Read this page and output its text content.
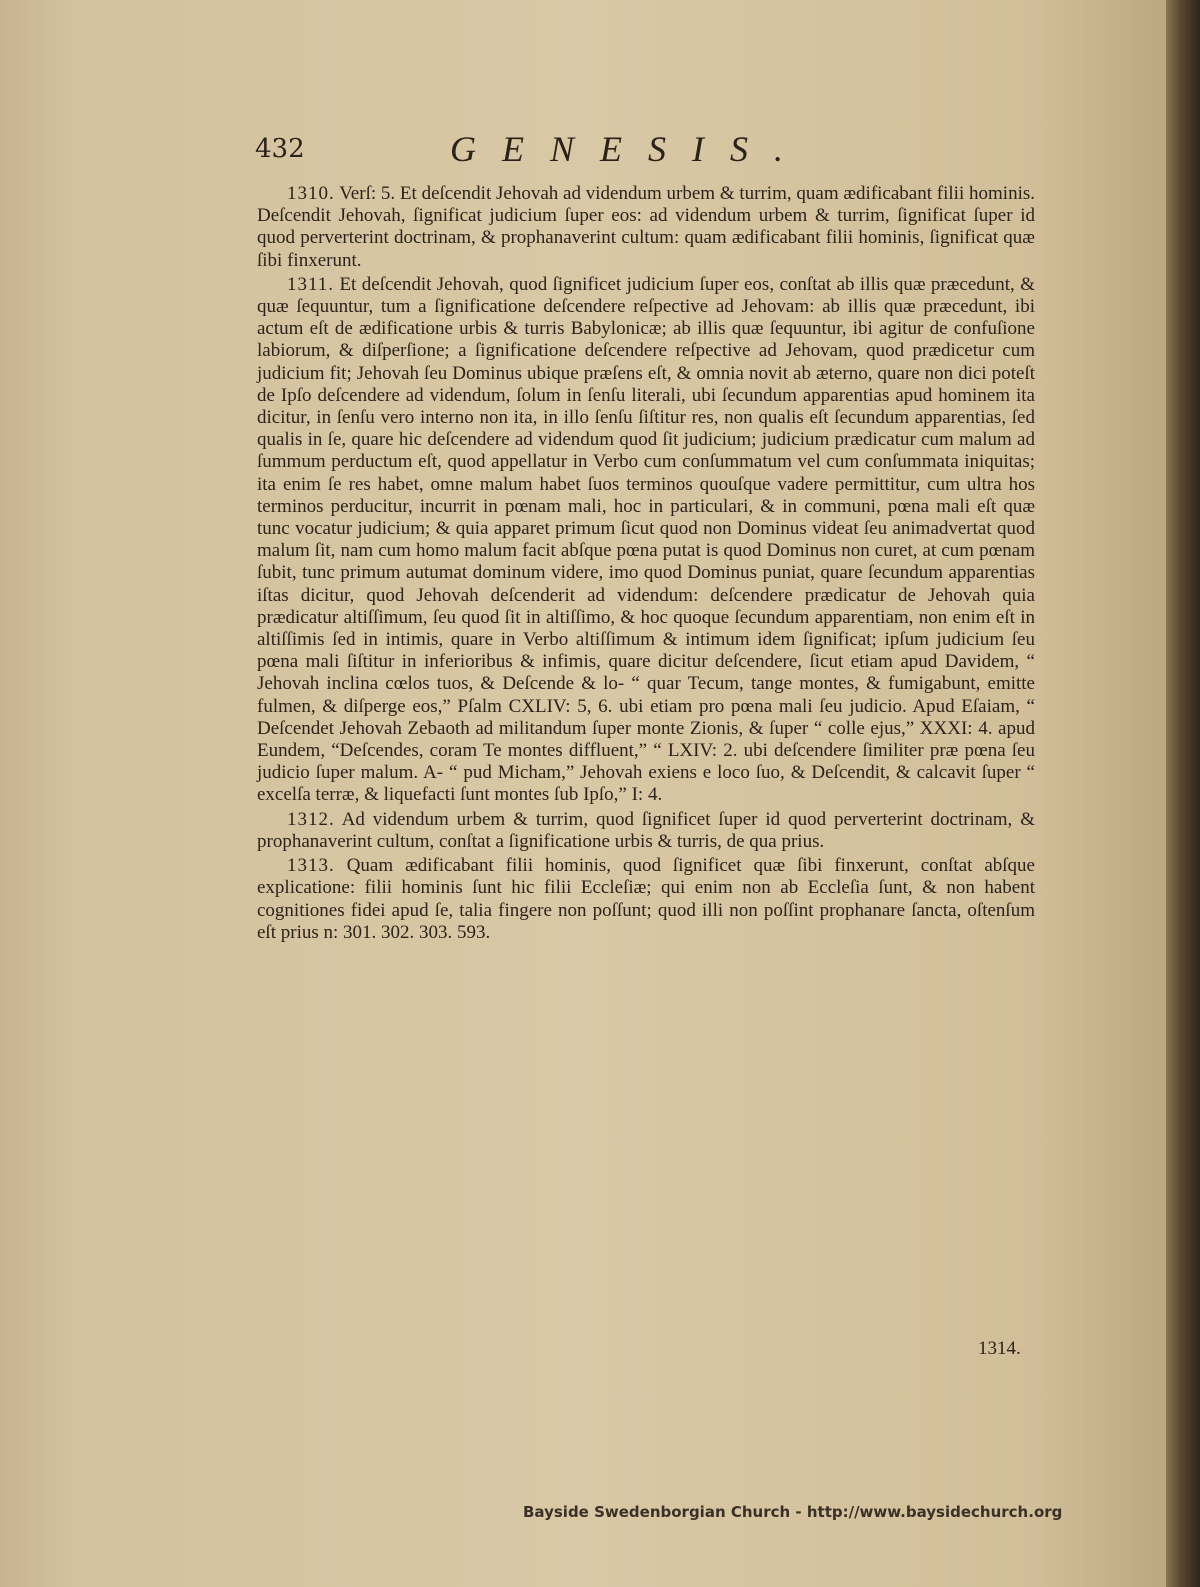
432	GENESIS.

1310. Verſ: 5. Et deſcendit Jehovah ad videndum urbem & turrim, quam ædificabant filii hominis. Deſcendit Jehovah, ſignificat judicium ſuper eos: ad videndum urbem & turrim, ſignificat ſuper id quod perverterint doctrinam, & prophanaverint cultum: quam ædificabant filii hominis, ſignificat quæ ſibi finxerunt.

1311. Et deſcendit Jehovah, quod ſignificet judicium ſuper eos, conſtat ab illis quæ præcedunt, & quæ ſequuntur, tum a ſignificatione deſcendere reſpective ad Jehovam: ab illis quæ præcedunt, ibi actum eſt de ædificatione urbis & turris Babylonicæ; ab illis quæ ſequuntur, ibi agitur de confuſione labiorum, & diſperſione; a ſignificatione deſcendere reſpective ad Jehovam, quod prædicetur cum judicium fit; Jehovah ſeu Dominus ubique præſens eſt, & omnia novit ab æterno, quare non dici poteſt de Ipſo deſcendere ad videndum, ſolum in ſenſu literali, ubi ſecundum apparentias apud hominem ita dicitur, in ſenſu vero interno non ita, in illo ſenſu ſiſtitur res, non qualis eſt ſecundum apparentias, ſed qualis in ſe, quare hic deſcendere ad videndum quod ſit judicium; judicium prædicatur cum malum ad ſummum perductum eſt, quod appellatur in Verbo cum conſummatum vel cum conſummata iniquitas; ita enim ſe res habet, omne malum habet ſuos terminos quouſque vadere permittitur, cum ultra hos terminos perducitur, incurrit in pœnam mali, hoc in particulari, & in communi, pœna mali eſt quæ tunc vocatur judicium; & quia apparet primum ſicut quod non Dominus videat ſeu animadvertat quod malum ſit, nam cum homo malum facit abſque pœna putat is quod Dominus non curet, at cum pœnam ſubit, tunc primum autumat dominum videre, imo quod Dominus puniat, quare ſecundum apparentias iſtas dicitur, quod Jehovah deſcenderit ad videndum: deſcendere prædicatur de Jehovah quia prædicatur altiſſimum, ſeu quod ſit in altiſſimo, & hoc quoque ſecundum apparentiam, non enim eſt in altiſſimis ſed in intimis, quare in Verbo altiſſimum & intimum idem ſignificat; ipſum judicium ſeu pœna mali ſiſtitur in inferioribus & infimis, quare dicitur deſcendere, ſicut etiam apud Davidem, “ Jehovah inclina cœlos tuos, & Deſcende & lo- “ quar Tecum, tange montes, & fumigabunt, emitte fulmen, & diſperge eos,” Pſalm CXLIV: 5, 6. ubi etiam pro pœna mali ſeu judicio. Apud Eſaiam, “ Deſcendet Jehovah Zebaoth ad militandum ſuper monte Zionis, & ſuper “ colle ejus,” XXXI: 4. apud Eundem, “Deſcendes, coram Te montes diffluent,” “ LXIV: 2. ubi deſcendere ſimiliter præ pœna ſeu judicio ſuper malum. A- “ pud Micham,” Jehovah exiens e loco ſuo, & Deſcendit, & calcavit ſuper “ excelſa terræ, & liquefacti ſunt montes ſub Ipſo,” I: 4.

1312. Ad videndum urbem & turrim, quod ſignificet ſuper id quod perverterint doctrinam, & prophanaverint cultum, conſtat a ſignificatione urbis & turris, de qua prius.

1313. Quam ædificabant filii hominis, quod ſignificet quæ ſibi finxerunt, conſtat abſque explicatione: filii hominis ſunt hic filii Eccleſiæ; qui enim non ab Eccleſia ſunt, & non habent cognitiones fidei apud ſe, talia fingere non poſſunt; quod illi non poſſint prophanare ſancta, oſtenſum eſt prius n: 301. 302. 303. 593.

1314.
Bayside Swedenborgian Church - http://www.baysidechurch.org
